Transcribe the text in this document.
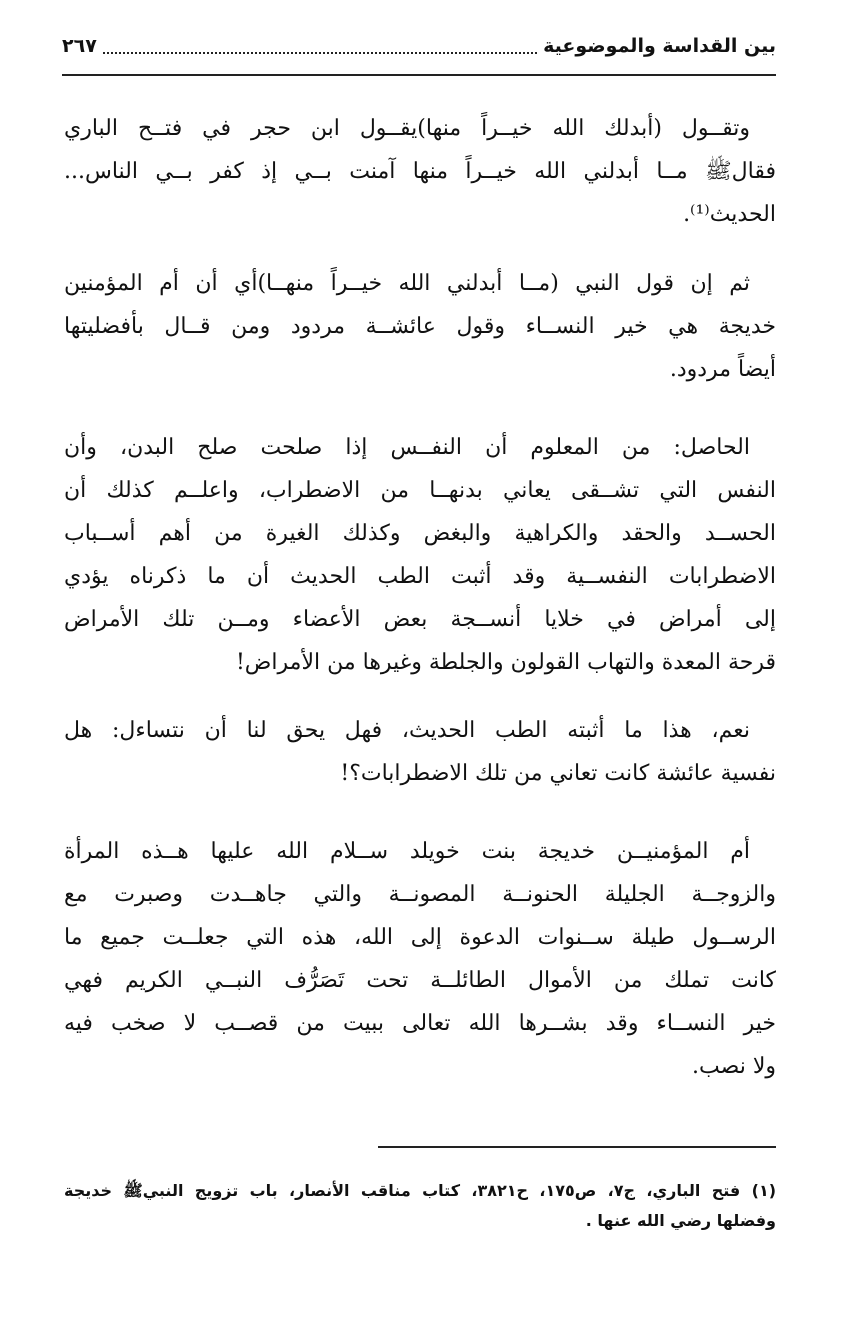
بين القداسة والموضوعية
٢٦٧
وتقــول (أبدلك الله خيــراً منها)يقــول ابن حجر في فتــح الباري
فقالﷺ مــا أبدلني الله خيــراً منها آمنت بــي إذ كفر بــي الناس...
الحديث⁽¹⁾.
ثم إن قول النبي (مــا أبدلني الله خيــراً منهــا)أي أن أم المؤمنين
خديجة هي خير النســاء وقول عائشــة مردود ومن قــال بأفضليتها
أيضاً مردود.
الحاصل: من المعلوم أن النفــس إذا صلحت صلح البدن، وأن
النفس التي تشــقى يعاني بدنهــا من الاضطراب، واعلــم كذلك أن
الحســد والحقد والكراهية والبغض وكذلك الغيرة من أهم أســباب
الاضطرابات النفســية وقد أثبت الطب الحديث أن ما ذكرناه يؤدي
إلى أمراض في خلايا أنســجة بعض الأعضاء ومــن تلك الأمراض
قرحة المعدة والتهاب القولون والجلطة وغيرها من الأمراض!
نعم، هذا ما أثبته الطب الحديث، فهل يحق لنا أن نتساءل: هل
نفسية عائشة كانت تعاني من تلك الاضطرابات؟!
أم المؤمنيــن خديجة بنت خويلد ســلام الله عليها هــذه المرأة
والزوجــة الجليلة الحنونــة المصونــة والتي جاهــدت وصبرت مع
الرســول طيلة ســنوات الدعوة إلى الله، هذه التي جعلــت جميع ما
كانت تملك من الأموال الطائلــة تحت تَصَرُّف النبــي الكريم فهي
خير النســاء وقد بشــرها الله تعالى ببيت من قصــب لا صخب فيه
ولا نصب.
(١) فتح الباري، ج٧، ص١٧٥، ح٣٨٢١، كتاب مناقب الأنصار، باب تزويج النبيﷺ خديجة
وفضلها رضي الله عنها .
